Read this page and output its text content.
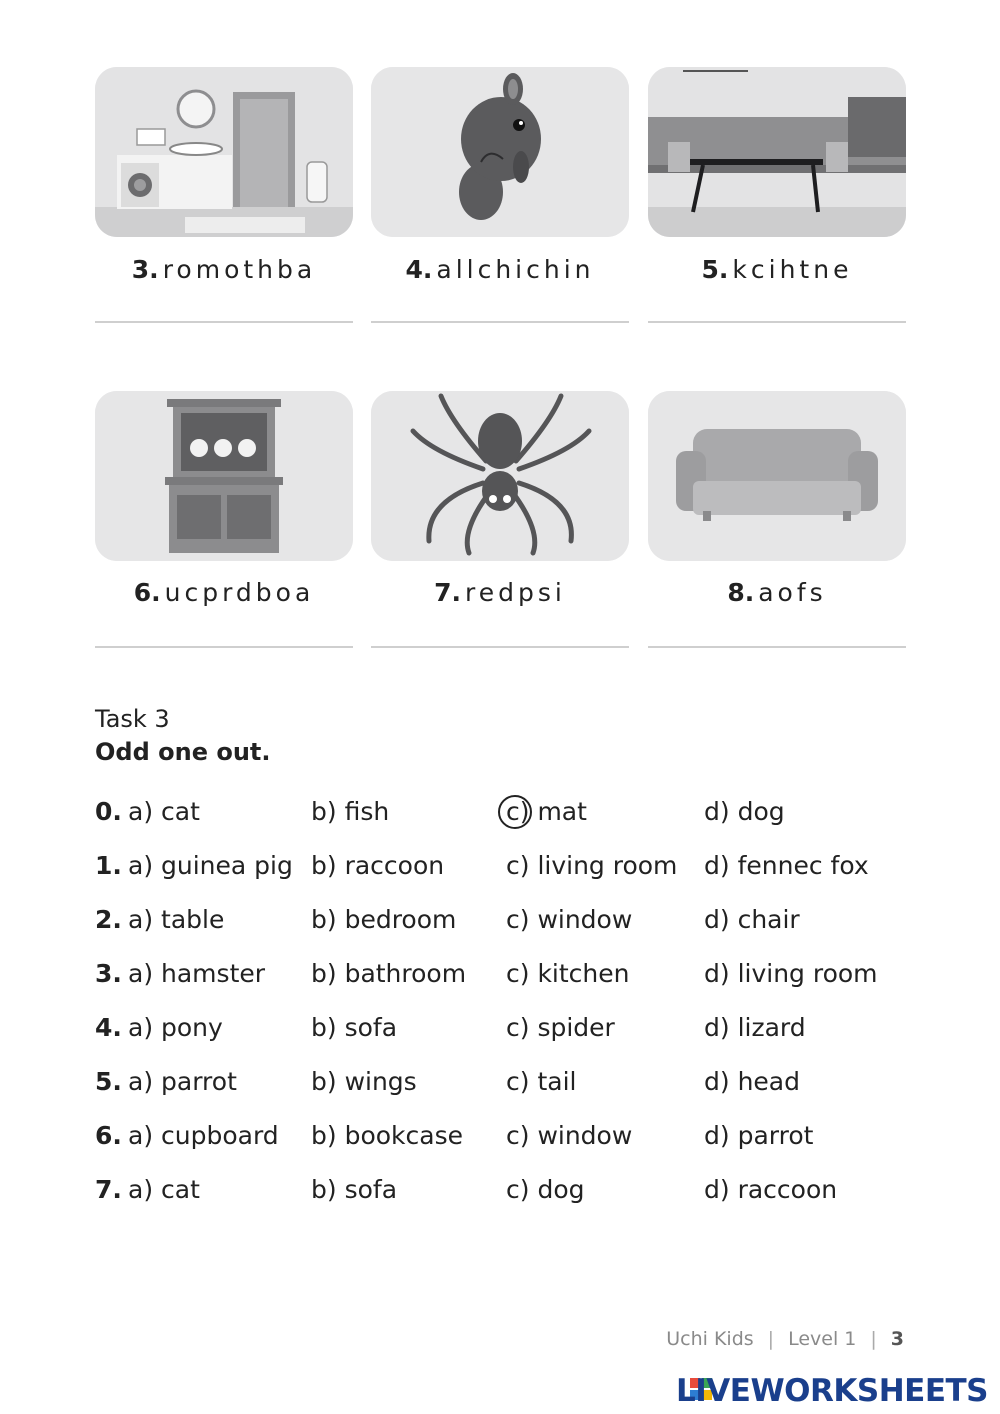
3. romothba	4. allchichin	5. kcihtne
6. ucprdboa	7. redpsi	8. aofs
Task 3
Odd one out.
0. a) cat	b) fish	c) mat	d) dog
1. a) guinea pig b) raccoon c) living room d) fennec fox
2. a) table	b) bedroom c) window	d) chair
3. a) hamster b) bathroom c) kitchen	d) living room
4. a) pony	b) sofa	c) spider	d) lizard
5. a) parrot	b) wings	c) tail	d) head
6. a) cupboard b) bookcase c) window	d) parrot
7. a) cat	b) sofa	c) dog	d) raccoon
Uchi Kids | Level 1 | 3
LIVEWORKSHEETS
